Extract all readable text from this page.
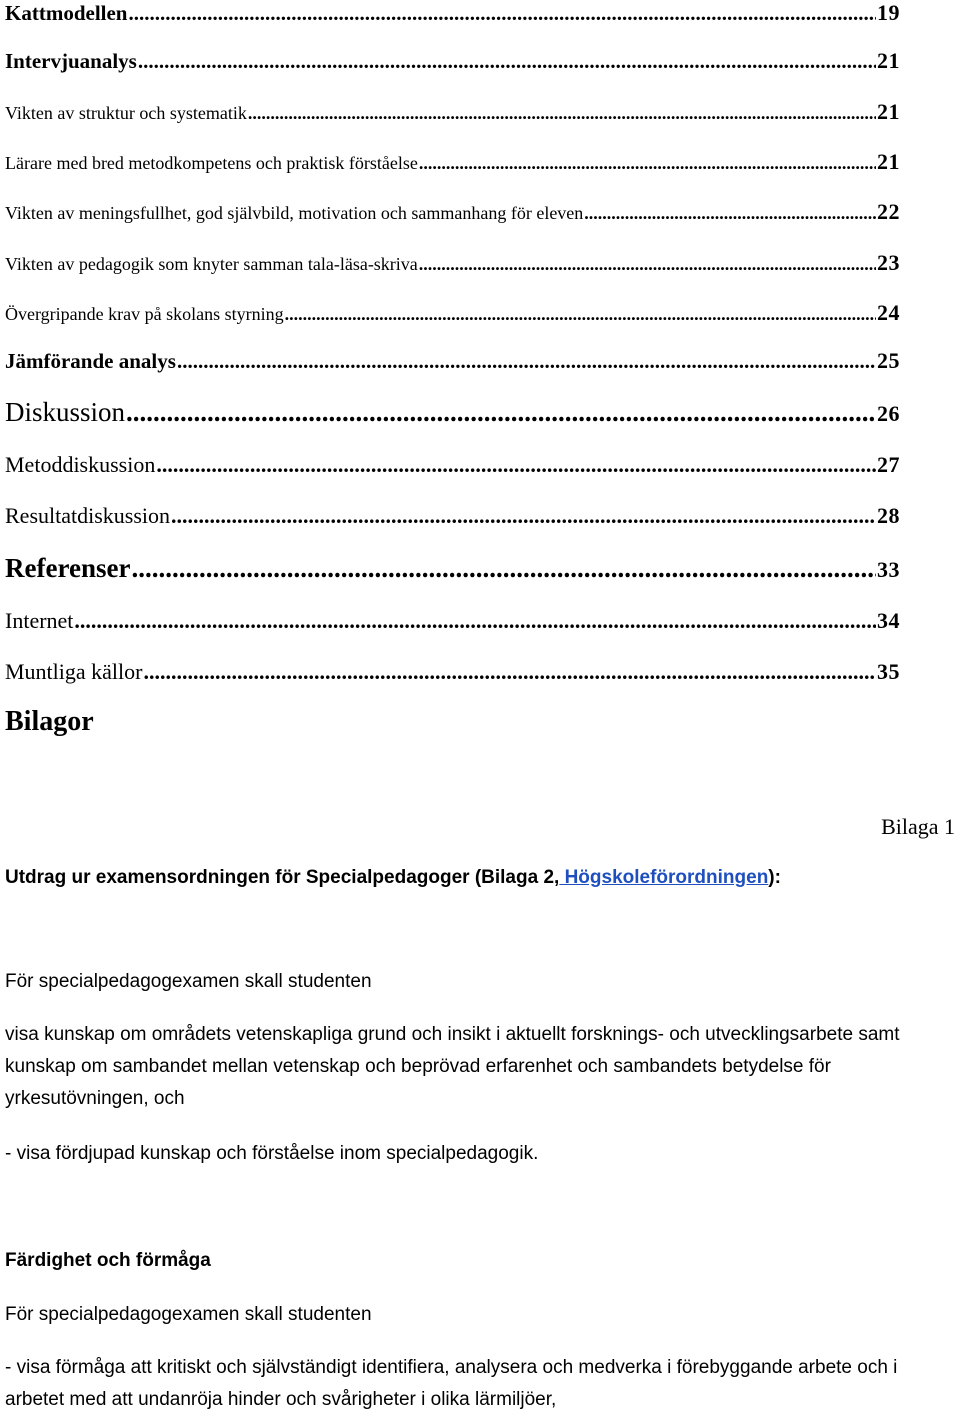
Kattmodellen .....	19
Intervjuanalys .....	21
Vikten av struktur och systematik .....	21
Lärare med bred metodkompetens och praktisk förståelse .....	21
Vikten av meningsfullhet, god självbild, motivation och sammanhang för eleven .....	22
Vikten av pedagogik som knyter samman tala-läsa-skriva .....	23
Övergripande krav på skolans styrning .....	24
Jämförande analys .....	25
Diskussion .....	26
Metoddiskussion .....	27
Resultatdiskussion .....	28
Referenser .....	33
Internet .....	34
Muntliga källor .....	35
Bilagor
Bilaga 1
Utdrag ur examensordningen för Specialpedagoger (Bilaga 2, Högskoleförordningen):
För specialpedagogexamen skall studenten
visa kunskap om områdets vetenskapliga grund och insikt i aktuellt forsknings- och utvecklingsarbete samt kunskap om sambandet mellan vetenskap och beprövad erfarenhet och sambandets betydelse för yrkesutövningen, och
- visa fördjupad kunskap och förståelse inom specialpedagogik.
Färdighet och förmåga
För specialpedagogexamen skall studenten
- visa förmåga att kritiskt och självständigt identifiera, analysera och medverka i förebyggande arbete och i arbetet med att undanröja hinder och svårigheter i olika lärmiljöer,
